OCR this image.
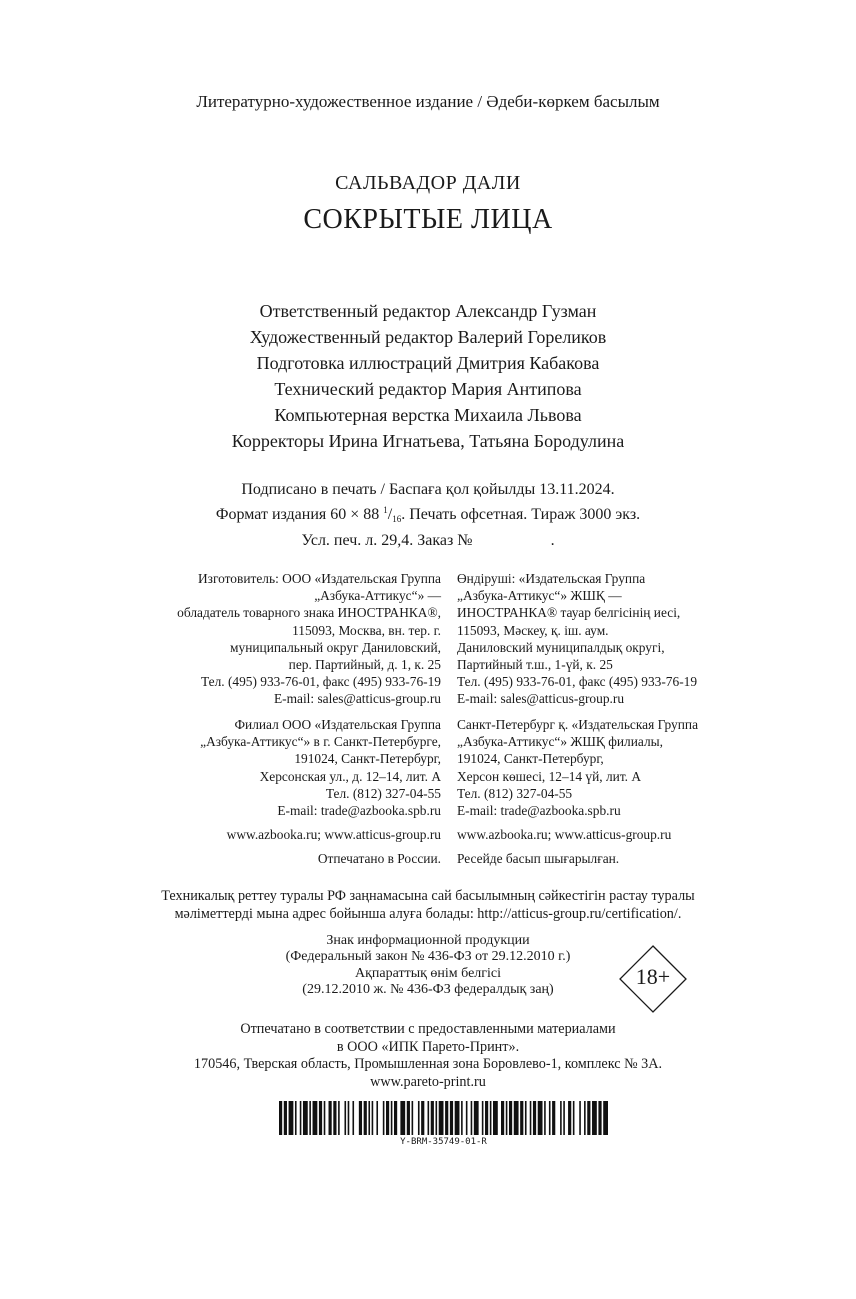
Литературно-художественное издание / Әдеби-көркем басылым
САЛЬВАДОР ДАЛИ
СОКРЫТЫЕ ЛИЦА
Ответственный редактор Александр Гузман
Художественный редактор Валерий Гореликов
Подготовка иллюстраций Дмитрия Кабакова
Технический редактор Мария Антипова
Компьютерная верстка Михаила Львова
Корректоры Ирина Игнатьева, Татьяна Бородулина
Подписано в печать / Баспаға қол қойылды 13.11.2024.
Формат издания 60 × 88 $^1/_{16}$. Печать офсетная. Тираж 3000 экз.
Усл. печ. л. 29,4. Заказ №	.
Изготовитель: ООО «Издательская Группа
„Азбука-Аттикус“» —
обладатель товарного знака ИНОСТРАНКА®,
115093, Москва, вн. тер. г.
муниципальный округ Даниловский,
пер. Партийный, д. 1, к. 25
Тел. (495) 933-76-01, факс (495) 933-76-19
E-mail: sales@atticus-group.ru
Өндіруші: «Издательская Группа
„Азбука-Аттикус“» ЖШҚ —
ИНОСТРАНКА® тауар белгісінің иесі,
115093, Мәскеу, қ. іш. аум.
Даниловский муниципалдық округі,
Партийный т.ш., 1-үй, к. 25
Тел. (495) 933-76-01, факс (495) 933-76-19
E-mail: sales@atticus-group.ru
Филиал ООО «Издательская Группа
„Азбука-Аттикус“» в г. Санкт-Петербурге,
191024, Санкт-Петербург,
Херсонская ул., д. 12–14, лит. А
Тел. (812) 327-04-55
E-mail: trade@azbooka.spb.ru
Санкт-Петербург қ. «Издательская Группа
„Азбука-Аттикус“» ЖШҚ филиалы,
191024, Санкт-Петербург,
Херсон көшесі, 12–14 үй, лит. А
Тел. (812) 327-04-55
E-mail: trade@azbooka.spb.ru
www.azbooka.ru; www.atticus-group.ru www.azbooka.ru; www.atticus-group.ru
Отпечатано в России. Ресейде басып шығарылған.
Техникалық реттеу туралы РФ заңнамасына сай басылымның сәйкестігін растау туралы
мәліметтерді мына адрес бойынша алуға болады: http://atticus-group.ru/certification/.
Знак информационной продукции
(Федеральный закон № 436-ФЗ от 29.12.2010 г.)
Ақпараттық өнім белгісі
(29.12.2010 ж. № 436-ФЗ федералдық заң)
18+
Отпечатано в соответствии с предоставленными материалами
в ООО «ИПК Парето-Принт».
170546, Тверская область, Промышленная зона Боровлево-1, комплекс № 3А.
www.pareto-print.ru
Y-BRM-35749-01-R
